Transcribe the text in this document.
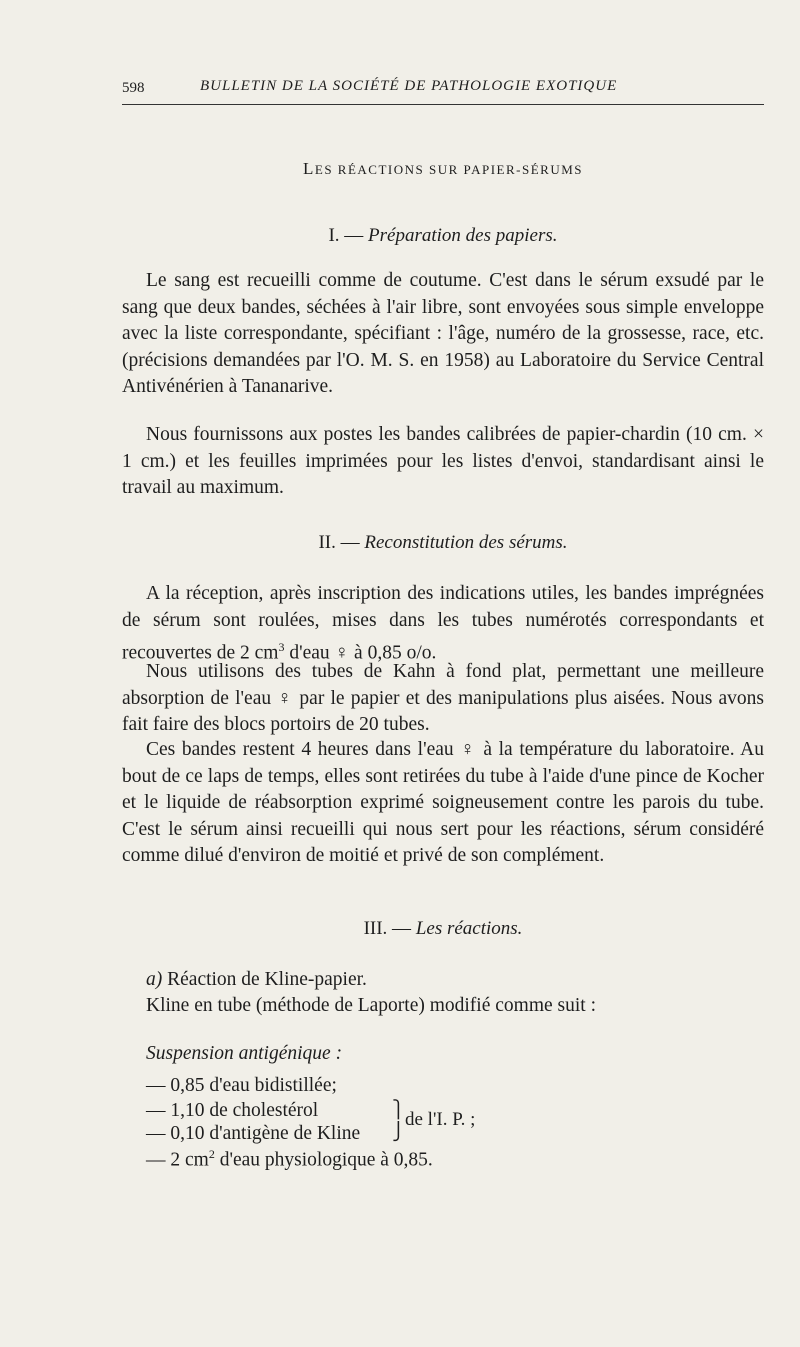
598	BULLETIN DE LA SOCIÉTÉ DE PATHOLOGIE EXOTIQUE
LES RÉACTIONS SUR PAPIER-SÉRUMS
I. — Préparation des papiers.

Le sang est recueilli comme de coutume. C'est dans le sérum exsudé par le sang que deux bandes, séchées à l'air libre, sont envoyées sous simple enveloppe avec la liste correspondante, spécifiant : l'âge, numéro de la grossesse, race, etc. (précisions demandées par l'O. M. S. en 1958) au Laboratoire du Service Central Antivénérien à Tananarive.

Nous fournissons aux postes les bandes calibrées de papier-chardin (10 cm. × 1 cm.) et les feuilles imprimées pour les listes d'envoi, standardisant ainsi le travail au maximum.

II. — Reconstitution des sérums.

A la réception, après inscription des indications utiles, les bandes imprégnées de sérum sont roulées, mises dans les tubes numérotés correspondants et recouvertes de 2 $cm^3$ d'eau ♀ à 0,85 o/o.

Nous utilisons des tubes de Kahn à fond plat, permettant une meilleure absorption de l'eau ♀ par le papier et des manipulations plus aisées. Nous avons fait faire des blocs portoirs de 20 tubes.

Ces bandes restent 4 heures dans l'eau ♀ à la température du laboratoire. Au bout de ce laps de temps, elles sont retirées du tube à l'aide d'une pince de Kocher et le liquide de réabsorption exprimé soigneusement contre les parois du tube. C'est le sérum ainsi recueilli qui nous sert pour les réactions, sérum considéré comme dilué d'environ de moitié et privé de son complément.

III. — Les réactions.
a) Réaction de Kline-papier.
Kline en tube (méthode de Laporte) modifié comme suit :
Suspension antigénique :
— 0,85 d'eau bidistillée;
— 1,10 de cholestérol
— 0,10 d'antigène de Kline
⎫
⎭
de l'I. P. ;
— 2 $cm^2$ d'eau physiologique à 0,85.
